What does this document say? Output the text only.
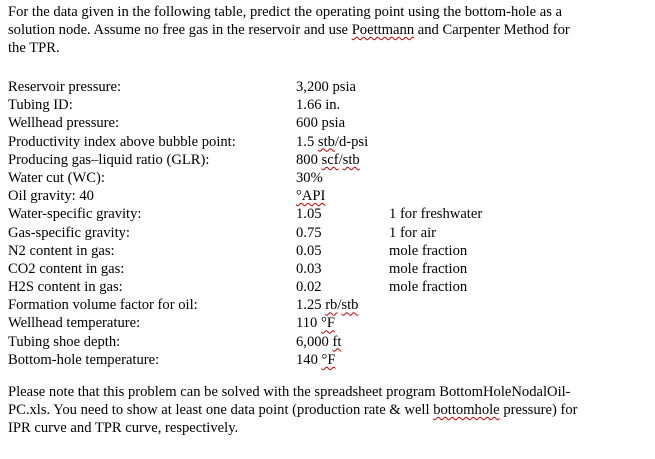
For the data given in the following table, predict the operating point using the bottom-hole as a
solution node. Assume no free gas in the reservoir and use Poettmann and Carpenter Method for
the TPR.

Reservoir pressure:	3,200 psia
Tubing ID:	1.66 in.
Wellhead pressure:	600 psia
Productivity index above bubble point:	1.5 stb/d-psi
Producing gas–liquid ratio (GLR):	800 scf/stb
Water cut (WC):	30%
Oil gravity: 40	°API
Water-specific gravity:	1.05	1 for freshwater
Gas-specific gravity:	0.75	1 for air
N2 content in gas:	0.05	mole fraction
CO2 content in gas:	0.03	mole fraction
H2S content in gas:	0.02	mole fraction
Formation volume factor for oil:	1.25 rb/stb
Wellhead temperature:	110 °F
Tubing shoe depth:	6,000 ft
Bottom-hole temperature:	140 °F

Please note that this problem can be solved with the spreadsheet program BottomHoleNodalOil-
PC.xls. You need to show at least one data point (production rate & well bottomhole pressure) for
IPR curve and TPR curve, respectively.
